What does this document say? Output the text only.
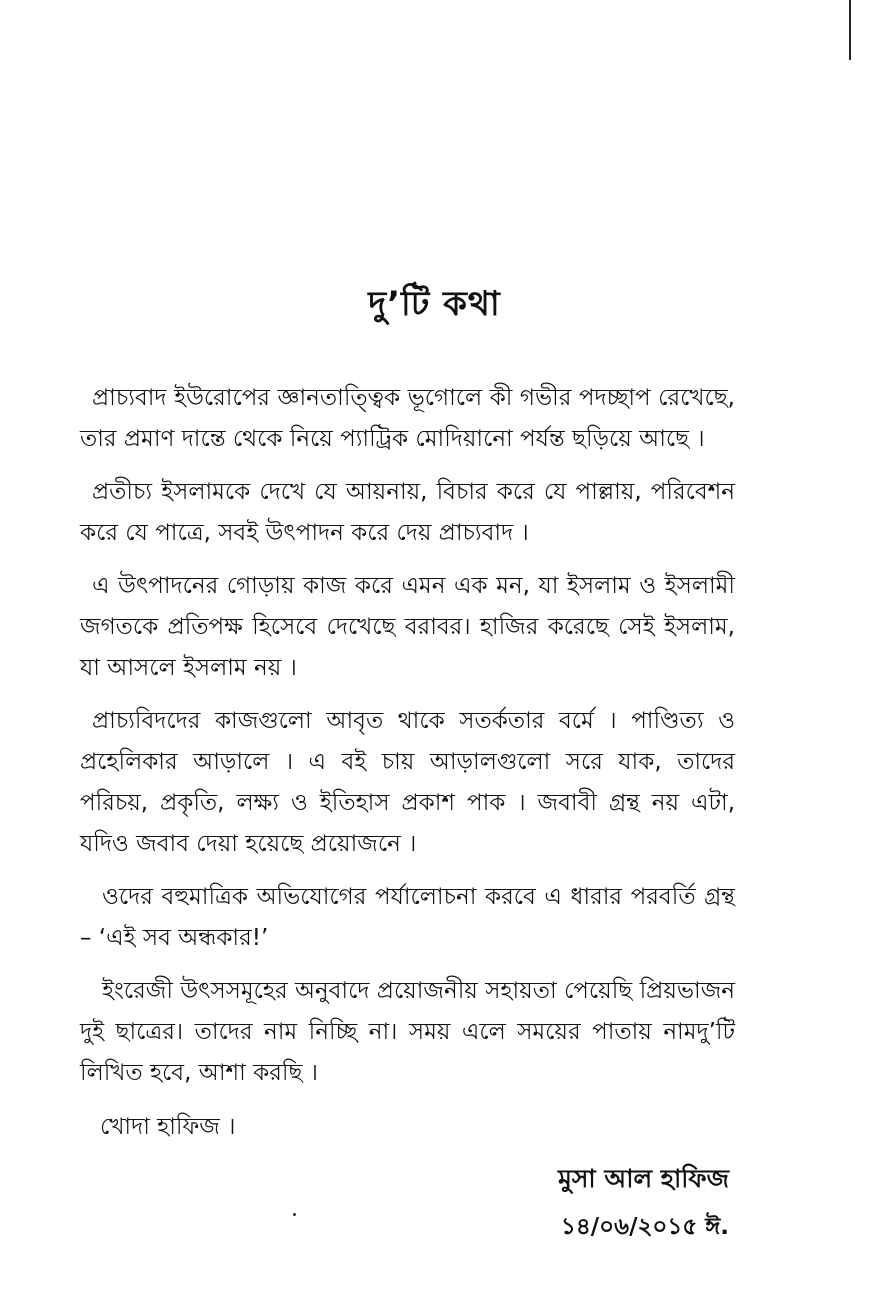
দু’টি কথা

প্রাচ্যবাদ ইউরোপের জ্ঞানতাত্ত্বিক ভূগোলে কী গভীর পদচ্ছাপ রেখেছে, তার প্রমাণ দান্তে থেকে নিয়ে প্যাট্রিক মোদিয়ানো পর্যন্ত ছড়িয়ে আছে ।

প্রতীচ্য ইসলামকে দেখে যে আয়নায়, বিচার করে যে পাল্লায়, পরিবেশন করে যে পাত্রে, সবই উৎপাদন করে দেয় প্রাচ্যবাদ ।

এ উৎপাদনের গোড়ায় কাজ করে এমন এক মন, যা ইসলাম ও ইসলামী জগতকে প্রতিপক্ষ হিসেবে দেখেছে বরাবর। হাজির করেছে সেই ইসলাম, যা আসলে ইসলাম নয় ।

প্রাচ্যবিদদের কাজগুলো আবৃত থাকে সতর্কতার বর্মে । পাণ্ডিত্য ও প্রহেলিকার আড়ালে । এ বই চায় আড়ালগুলো সরে যাক, তাদের পরিচয়, প্রকৃতি, লক্ষ্য ও ইতিহাস প্রকাশ পাক । জবাবী গ্রন্থ নয় এটা, যদিও জবাব দেয়া হয়েছে প্রয়োজনে ।

ওদের বহুমাত্রিক অভিযোগের পর্যালোচনা করবে এ ধারার পরবর্তি গ্রন্থ – ‘এই সব অন্ধকার!’

ইংরেজী উৎসসমূহের অনুবাদে প্রয়োজনীয় সহায়তা পেয়েছি প্রিয়ভাজন দুই ছাত্রের। তাদের নাম নিচ্ছি না। সময় এলে সময়ের পাতায় নামদু’টি লিখিত হবে, আশা করছি ।

খোদা হাফিজ ।
মুসা আল হাফিজ
১৪/০৬/২০১৫ ঈ.
